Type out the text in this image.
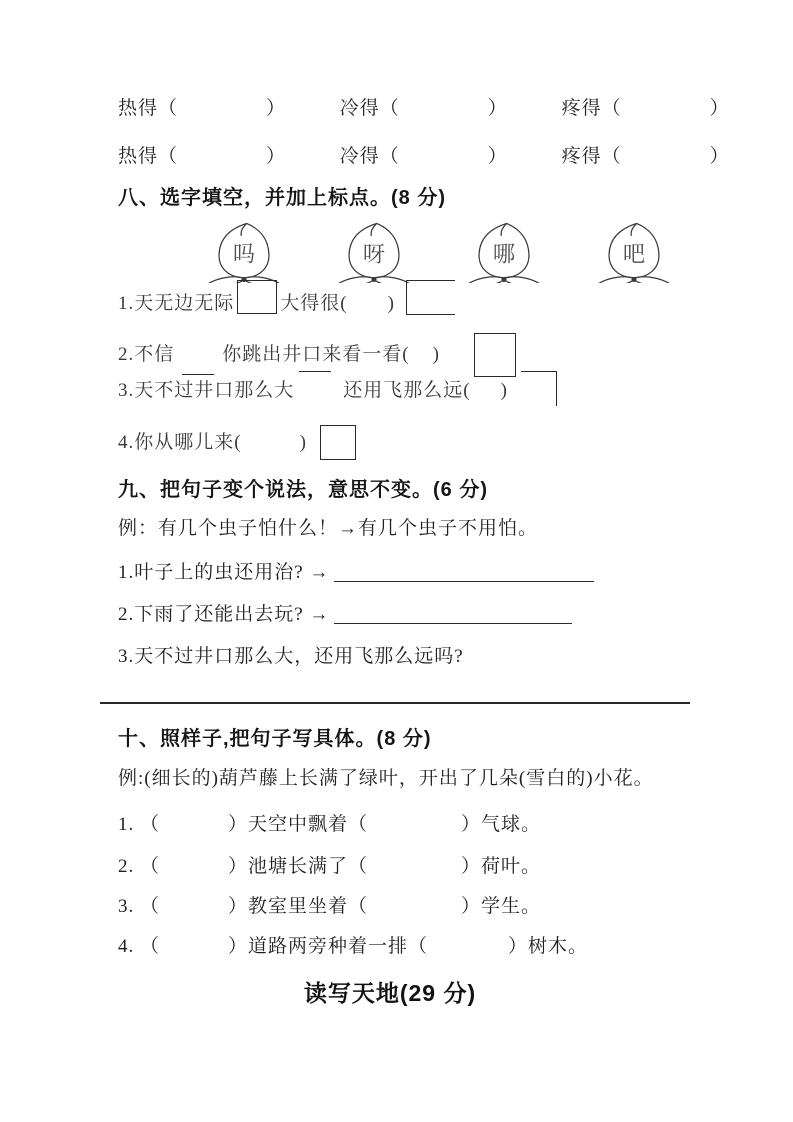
热得（	）	冷得（	）	疼得（	）
热得（	）	冷得（	）	疼得（	）
八、选字填空，并加上标点。(8 分)
吗	呀	哪	吧
1.天无边无际 大得很( )
2.不信	你跳出井口来看一看( )
3.天不过井口那么大	还用飞那么远( )
4.你从哪儿来(	)
九、把句子变个说法，意思不变。(6 分)
例：有几个虫子怕什么！→有几个虫子不用怕。
1.叶子上的虫还用治? →
2.下雨了还能出去玩? →
3.天不过井口那么大，还用飞那么远吗?
十、照样子,把句子写具体。(8 分)
例:(细长的)葫芦藤上长满了绿叶，开出了几朵(雪白的)小花。
1. （	）天空中飘着（	）气球。
2. （	）池塘长满了（	）荷叶。
3. （	）教室里坐着（	）学生。
4. （	）道路两旁种着一排（	）树木。
读写天地(29 分)
